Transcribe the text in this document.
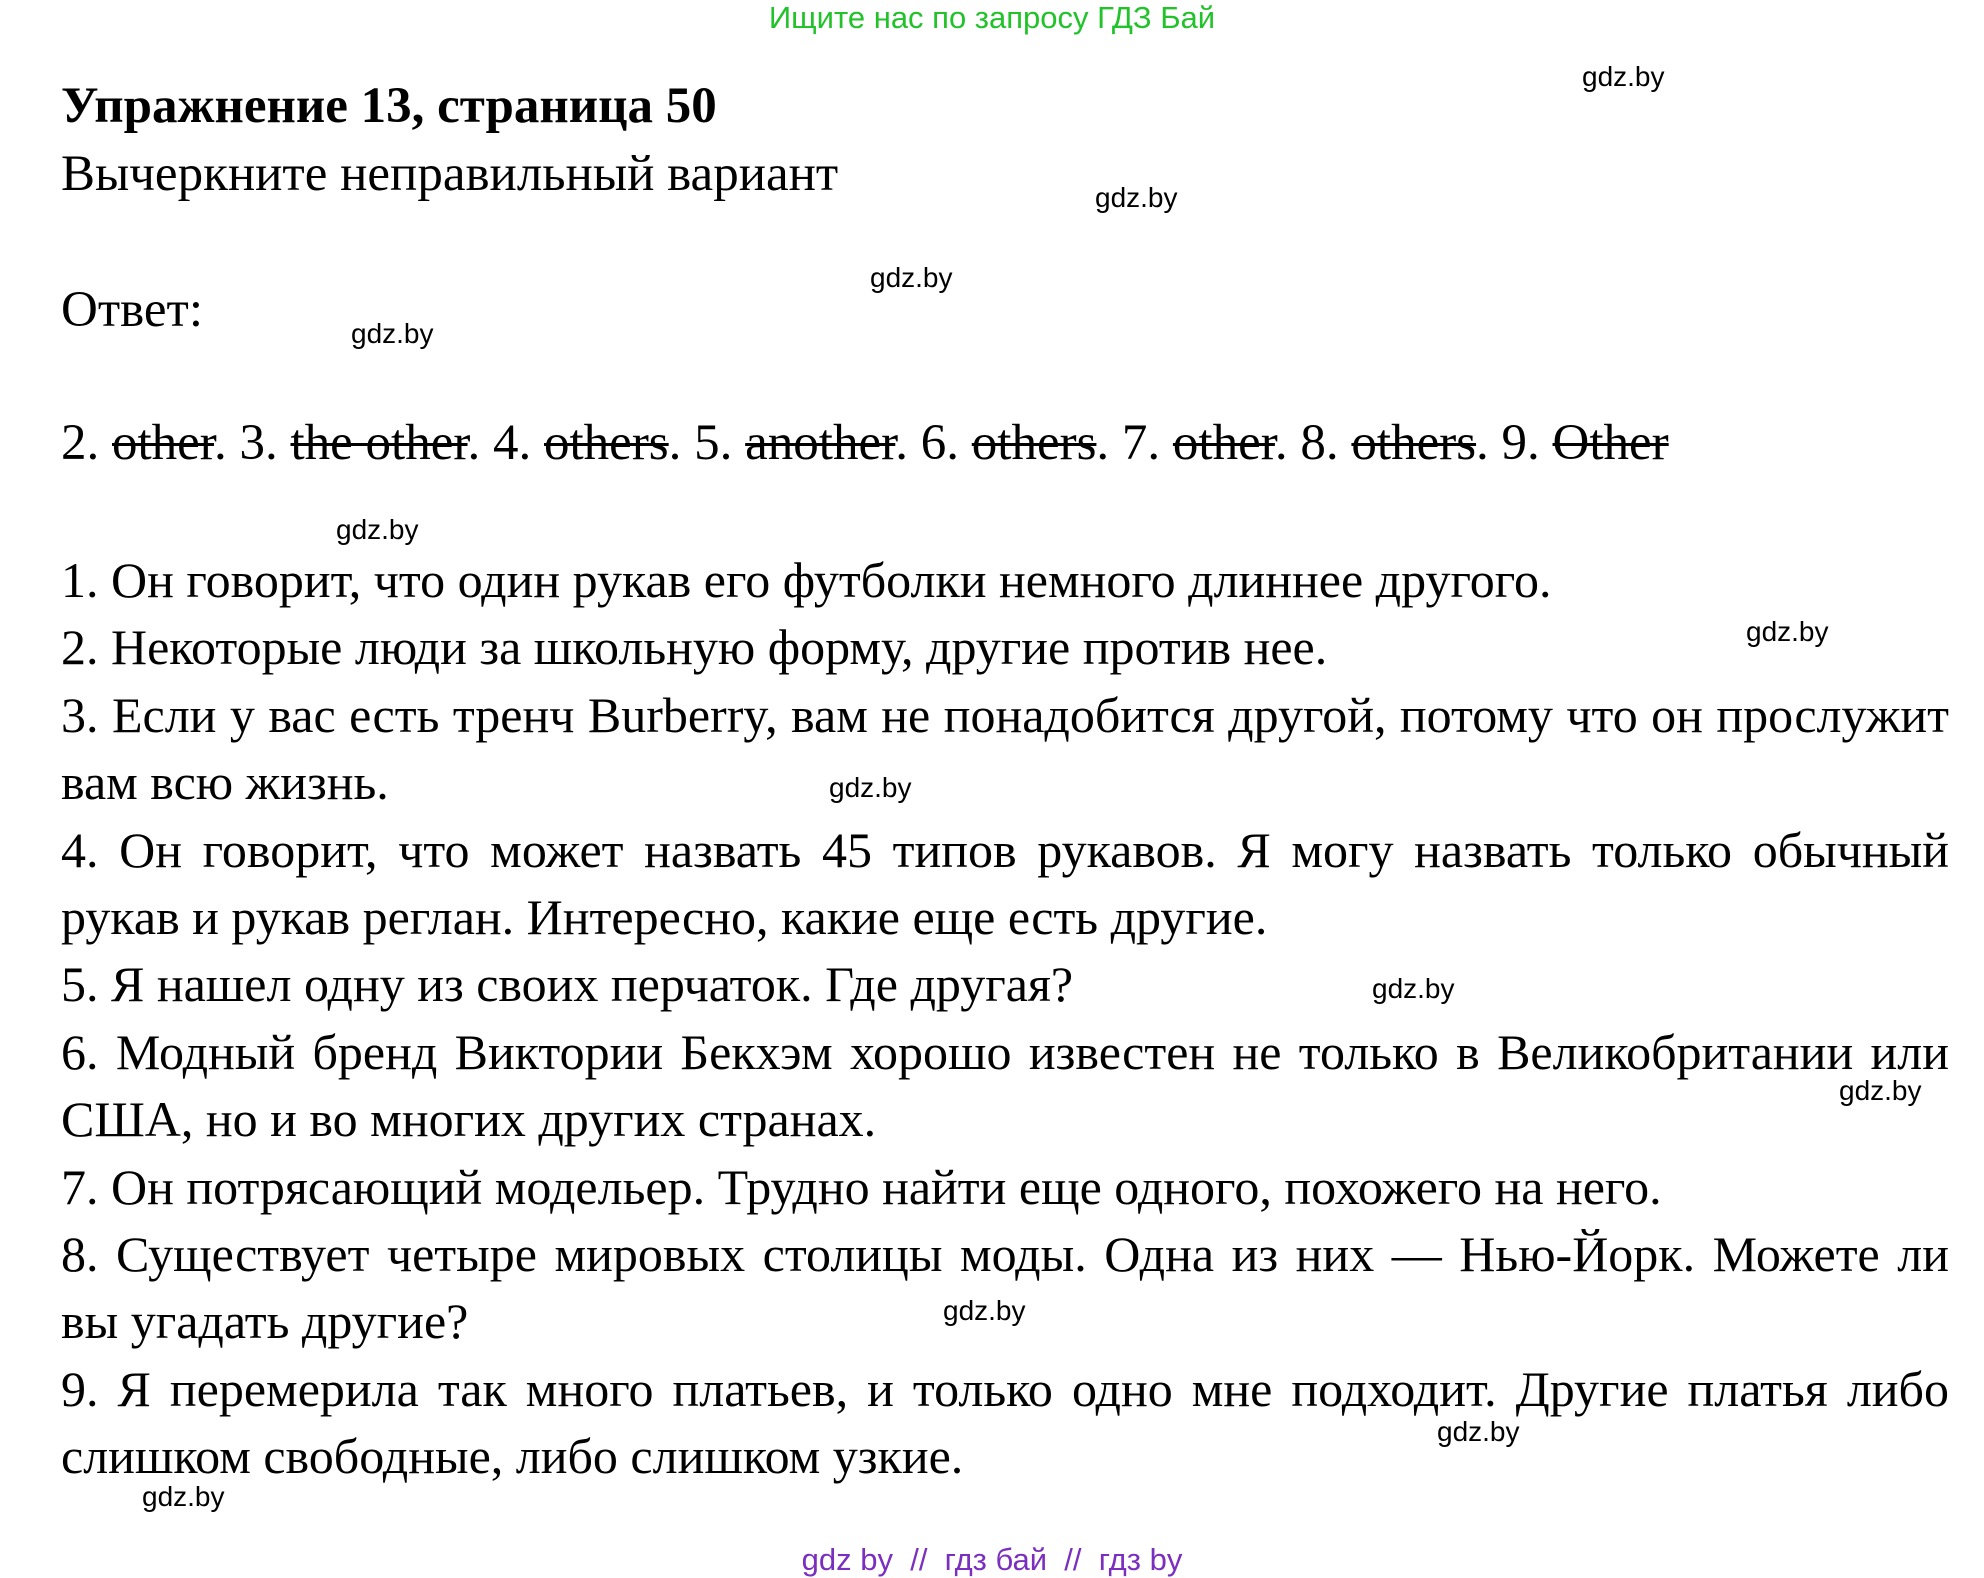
Ищите нас по запросу ГДЗ Бай
Упражнение 13, страница 50
Вычеркните неправильный вариант
Ответ:
2. other. 3. the other. 4. others. 5. another. 6. others. 7. other. 8. others. 9. Other

1. Он говорит, что один рукав его футболки немного длиннее другого.

2. Некоторые люди за школьную форму, другие против нее.

3. Если у вас есть тренч Burberry, вам не понадобится другой, потому что он прослужит вам всю жизнь.

4. Он говорит, что может назвать 45 типов рукавов. Я могу назвать только обычный рукав и рукав реглан. Интересно, какие еще есть другие.

5. Я нашел одну из своих перчаток. Где другая?

6. Модный бренд Виктории Бекхэм хорошо известен не только в Великобритании или США, но и во многих других странах.

7. Он потрясающий модельер. Трудно найти еще одного, похожего на него.

8. Существует четыре мировых столицы моды. Одна из них — Нью-Йорк. Можете ли вы угадать другие?

9. Я перемерила так много платьев, и только одно мне подходит. Другие платья либо слишком свободные, либо слишком узкие.

gdz.by
gdz.by
gdz.by
gdz.by
gdz.by
gdz.by
gdz.by
gdz.by
gdz.by
gdz.by
gdz.by
gdz.by
gdz by  //  гдз бай  //  гдз by
